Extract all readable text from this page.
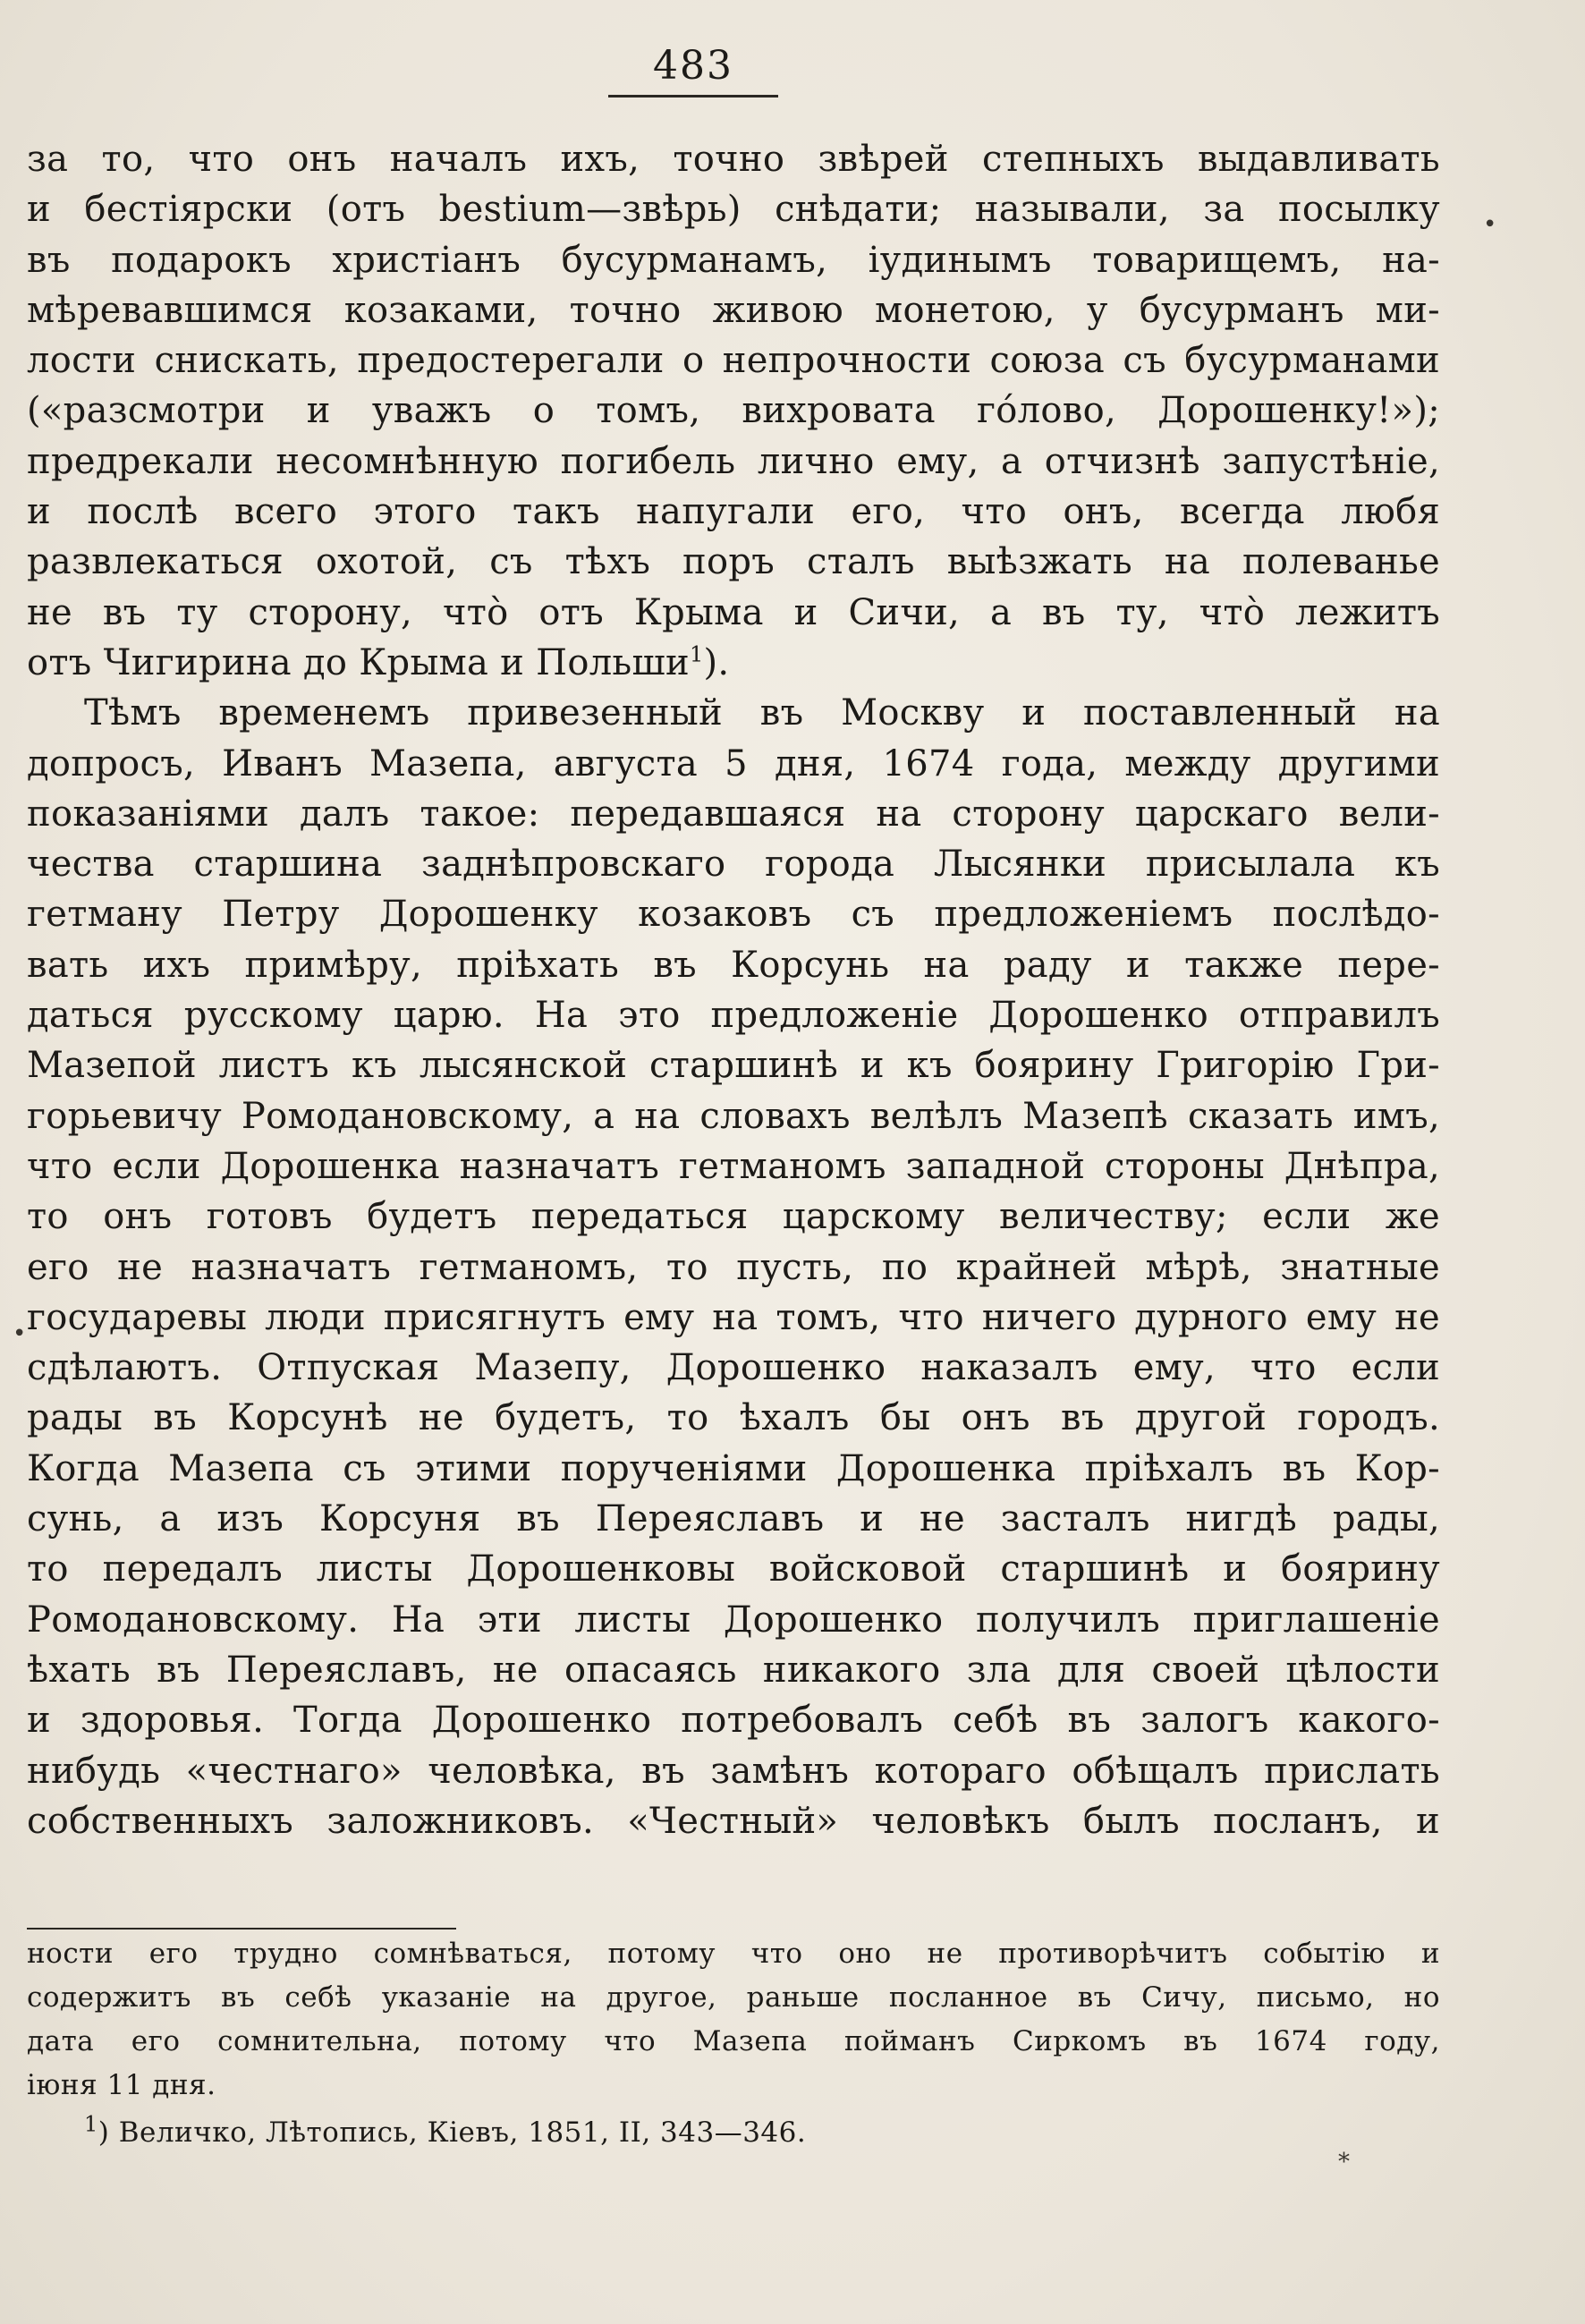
483
за то, что онъ началъ ихъ, точно звѣрей степныхъ выдавливать
и бестіярски (отъ bestium—звѣрь) снѣдати; называли, за посылку
въ подарокъ христіанъ бусурманамъ, іудинымъ товарищемъ, на-
мѣревавшимся козаками, точно живою монетою, у бусурманъ ми-
лости снискать, предостерегали о непрочности союза съ бусурманами
(«разсмотри и уважъ о томъ, вихровата гóлово, Дорошенку!»);
предрекали несомнѣнную погибель лично ему, а отчизнѣ запустѣніе,
и послѣ всего этого такъ напугали его, что онъ, всегда любя
развлекаться охотой, съ тѣхъ поръ сталъ выѣзжать на полеванье
не въ ту сторону, чтò отъ Крыма и Сичи, а въ ту, чтò лежитъ
отъ Чигирина до Крыма и Польши$^1$).
Тѣмъ временемъ привезенный въ Москву и поставленный на
допросъ, Иванъ Мазепа, августа 5 дня, 1674 года, между другими
показаніями далъ такое: передавшаяся на сторону царскаго вели-
чества старшина заднѣпровскаго города Лысянки присылала къ
гетману Петру Дорошенку козаковъ съ предложеніемъ послѣдо-
вать ихъ примѣру, пріѣхать въ Корсунь на раду и также пере-
даться русскому царю. На это предложеніе Дорошенко отправилъ
Мазепой листъ къ лысянской старшинѣ и къ боярину Григорію Гри-
горьевичу Ромодановскому, а на словахъ велѣлъ Мазепѣ сказать имъ,
что если Дорошенка назначатъ гетманомъ западной стороны Днѣпра,
то онъ готовъ будетъ передаться царскому величеству; если же
его не назначатъ гетманомъ, то пусть, по крайней мѣрѣ, знатные
государевы люди присягнутъ ему на томъ, что ничего дурного ему не
сдѣлаютъ. Отпуская Мазепу, Дорошенко наказалъ ему, что если
рады въ Корсунѣ не будетъ, то ѣхалъ бы онъ въ другой городъ.
Когда Мазепа съ этими порученіями Дорошенка пріѣхалъ въ Кор-
сунь, а изъ Корсуня въ Переяславъ и не засталъ нигдѣ рады,
то передалъ листы Дорошенковы войсковой старшинѣ и боярину
Ромодановскому. На эти листы Дорошенко получилъ приглашеніе
ѣхать въ Переяславъ, не опасаясь никакого зла для своей цѣлости
и здоровья. Тогда Дорошенко потребовалъ себѣ въ залогъ какого-
нибудь «честнаго» человѣка, въ замѣнъ котораго обѣщалъ прислать
собственныхъ заложниковъ. «Честный» человѣкъ былъ посланъ, и
ности его трудно сомнѣваться, потому что оно не противорѣчитъ событію и
содержитъ въ себѣ указаніе на другое, раньше посланное въ Сичу, письмо, но
дата его сомнительна, потому что Мазепа пойманъ Сиркомъ въ 1674 году,
іюня 11 дня.
$^1$) Величко, Лѣтопись, Кіевъ, 1851, II, 343—346.
•
•
*
